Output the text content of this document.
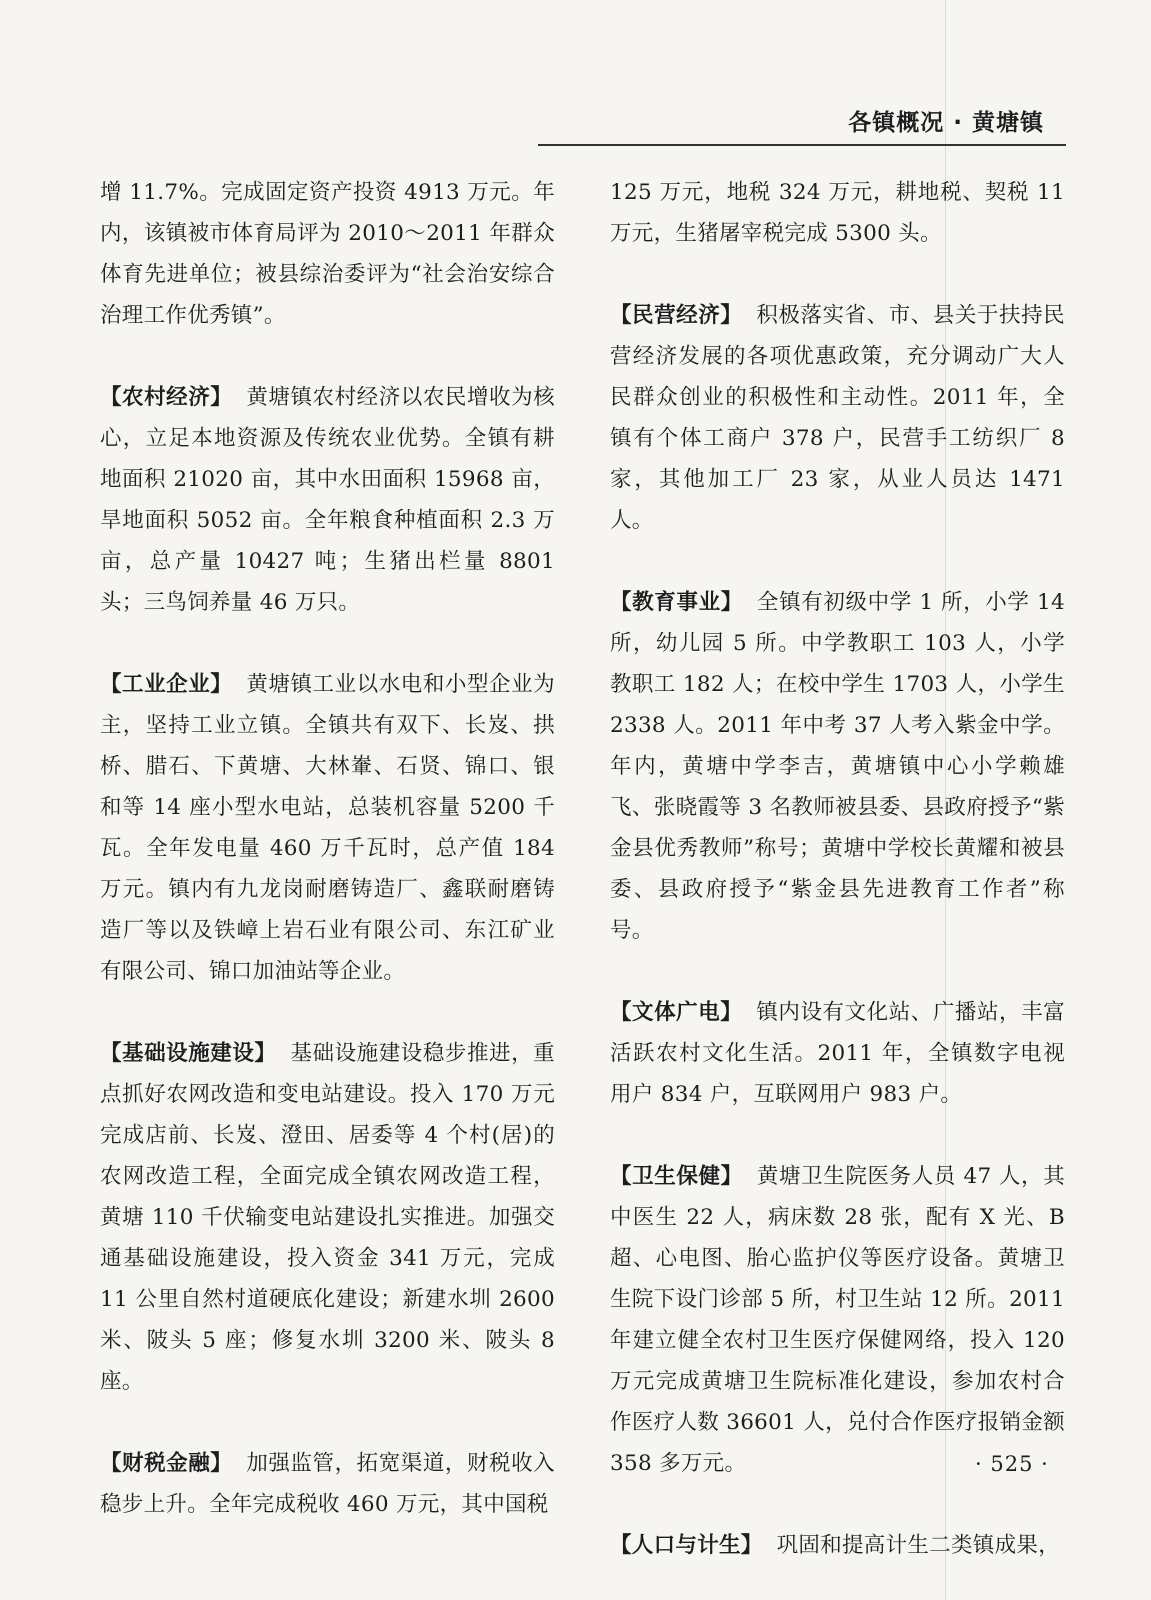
各镇概况 · 黄塘镇

增 11.7%。完成固定资产投资 4913 万元。年内，该镇被市体育局评为 2010～2011 年群众体育先进单位；被县综治委评为“社会治安综合治理工作优秀镇”。

【农村经济】 黄塘镇农村经济以农民增收为核心，立足本地资源及传统农业优势。全镇有耕地面积 21020 亩，其中水田面积 15968 亩，旱地面积 5052 亩。全年粮食种植面积 2.3 万亩，总产量 10427 吨；生猪出栏量 8801 头；三鸟饲养量 46 万只。

【工业企业】 黄塘镇工业以水电和小型企业为主，坚持工业立镇。全镇共有双下、长岌、拱桥、腊石、下黄塘、大林輋、石贤、锦口、银和等 14 座小型水电站，总装机容量 5200 千瓦。全年发电量 460 万千瓦时，总产值 184 万元。镇内有九龙岗耐磨铸造厂、鑫联耐磨铸造厂等以及铁嶂上岩石业有限公司、东江矿业有限公司、锦口加油站等企业。

【基础设施建设】 基础设施建设稳步推进，重点抓好农网改造和变电站建设。投入 170 万元完成店前、长岌、澄田、居委等 4 个村(居)的农网改造工程，全面完成全镇农网改造工程，黄塘 110 千伏输变电站建设扎实推进。加强交通基础设施建设，投入资金 341 万元，完成 11 公里自然村道硬底化建设；新建水圳 2600 米、陂头 5 座；修复水圳 3200 米、陂头 8 座。

【财税金融】 加强监管，拓宽渠道，财税收入稳步上升。全年完成税收 460 万元，其中国税

125 万元，地税 324 万元，耕地税、契税 11 万元，生猪屠宰税完成 5300 头。

【民营经济】 积极落实省、市、县关于扶持民营经济发展的各项优惠政策，充分调动广大人民群众创业的积极性和主动性。2011 年，全镇有个体工商户 378 户，民营手工纺织厂 8 家，其他加工厂 23 家，从业人员达 1471 人。

【教育事业】 全镇有初级中学 1 所，小学 14 所，幼儿园 5 所。中学教职工 103 人，小学教职工 182 人；在校中学生 1703 人，小学生 2338 人。2011 年中考 37 人考入紫金中学。年内，黄塘中学李吉，黄塘镇中心小学赖雄飞、张晓霞等 3 名教师被县委、县政府授予“紫金县优秀教师”称号；黄塘中学校长黄耀和被县委、县政府授予“紫金县先进教育工作者”称号。

【文体广电】 镇内设有文化站、广播站，丰富活跃农村文化生活。2011 年，全镇数字电视用户 834 户，互联网用户 983 户。

【卫生保健】 黄塘卫生院医务人员 47 人，其中医生 22 人，病床数 28 张，配有 X 光、B 超、心电图、胎心监护仪等医疗设备。黄塘卫生院下设门诊部 5 所，村卫生站 12 所。2011 年建立健全农村卫生医疗保健网络，投入 120 万元完成黄塘卫生院标准化建设，参加农村合作医疗人数 36601 人，兑付合作医疗报销金额 358 多万元。

【人口与计生】 巩固和提高计生二类镇成果，

· 525 ·
